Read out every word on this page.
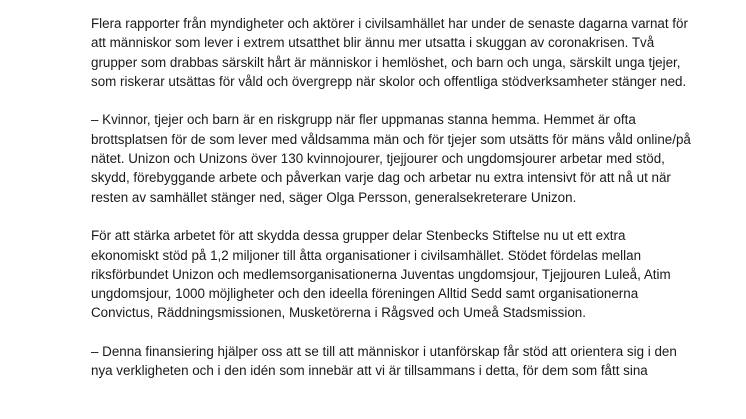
Flera rapporter från myndigheter och aktörer i civilsamhället har under de senaste dagarna varnat för att människor som lever i extrem utsatthet blir ännu mer utsatta i skuggan av coronakrisen. Två grupper som drabbas särskilt hårt är människor i hemlöshet, och barn och unga, särskilt unga tjejer, som riskerar utsättas för våld och övergrepp när skolor och offentliga stödverksamheter stänger ned.

– Kvinnor, tjejer och barn är en riskgrupp när fler uppmanas stanna hemma. Hemmet är ofta brottsplatsen för de som lever med våldsamma män och för tjejer som utsätts för mäns våld online/på nätet. Unizon och Unizons över 130 kvinnojourer, tjejjourer och ungdomsjourer arbetar med stöd, skydd, förebyggande arbete och påverkan varje dag och arbetar nu extra intensivt för att nå ut när resten av samhället stänger ned, säger Olga Persson, generalsekreterare Unizon.

För att stärka arbetet för att skydda dessa grupper delar Stenbecks Stiftelse nu ut ett extra ekonomiskt stöd på 1,2 miljoner till åtta organisationer i civilsamhället. Stödet fördelas mellan riksförbundet Unizon och medlemsorganisationerna Juventas ungdomsjour, Tjejjouren Luleå, Atim ungdomsjour, 1000 möjligheter och den ideella föreningen Alltid Sedd samt organisationerna Convictus, Räddningsmissionen, Musketörerna i Rågsved och Umeå Stadsmission.

– Denna finansiering hjälper oss att se till att människor i utanförskap får stöd att orientera sig i den nya verkligheten och i den idén som innebär att vi är tillsammans i detta, för dem som fått sina
